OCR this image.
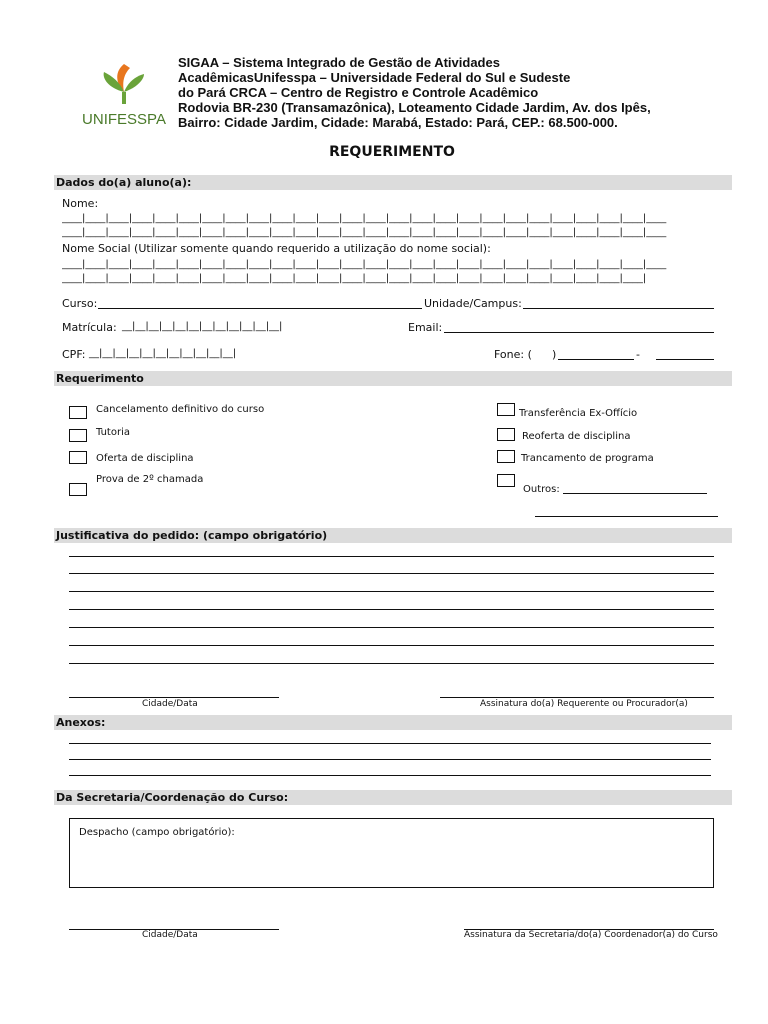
UNIFESSPA
SIGAA – Sistema Integrado de Gestão de Atividades
AcadêmicasUnifesspa – Universidade Federal do Sul e Sudeste
do Pará CRCA – Centro de Registro e Controle Acadêmico
Rodovia BR-230 (Transamazônica), Loteamento Cidade Jardim, Av. dos Ipês,
Bairro: Cidade Jardim, Cidade: Marabá, Estado: Pará, CEP.: 68.500-000.
REQUERIMENTO
Dados do(a) aluno(a):
Nome:
____|____|____|____|____|____|____|____|____|____|____|____|____|____|____|____|____|____|____|____|____|____|____|____|____|____
____|____|____|____|____|____|____|____|____|____|____|____|____|____|____|____|____|____|____|____|____|____|____|____|____|____
Nome Social (Utilizar somente quando requerido a utilização do nome social):
____|____|____|____|____|____|____|____|____|____|____|____|____|____|____|____|____|____|____|____|____|____|____|____|____|____
____|____|____|____|____|____|____|____|____|____|____|____|____|____|____|____|____|____|____|____|____|____|____|____|____|
Curso:	Unidade/Campus:
Matrícula: __|__|__|__|__|__|__|__|__|__|__|__|	Email:
CPF: __|__|__|__|__|__|__|__|__|__|__|	Fone: ( )	-
Requerimento
Cancelamento definitivo do curso
Tutoria
Oferta de disciplina
Prova de 2º chamada
Transferência Ex-Offício
Reoferta de disciplina
Trancamento de programa
Outros:
Justificativa do pedido: (campo obrigatório)
Cidade/Data	Assinatura do(a) Requerente ou Procurador(a)
Anexos:
Da Secretaria/Coordenação do Curso:
Despacho (campo obrigatório):
Cidade/Data	Assinatura da Secretaria/do(a) Coordenador(a) do Curso
